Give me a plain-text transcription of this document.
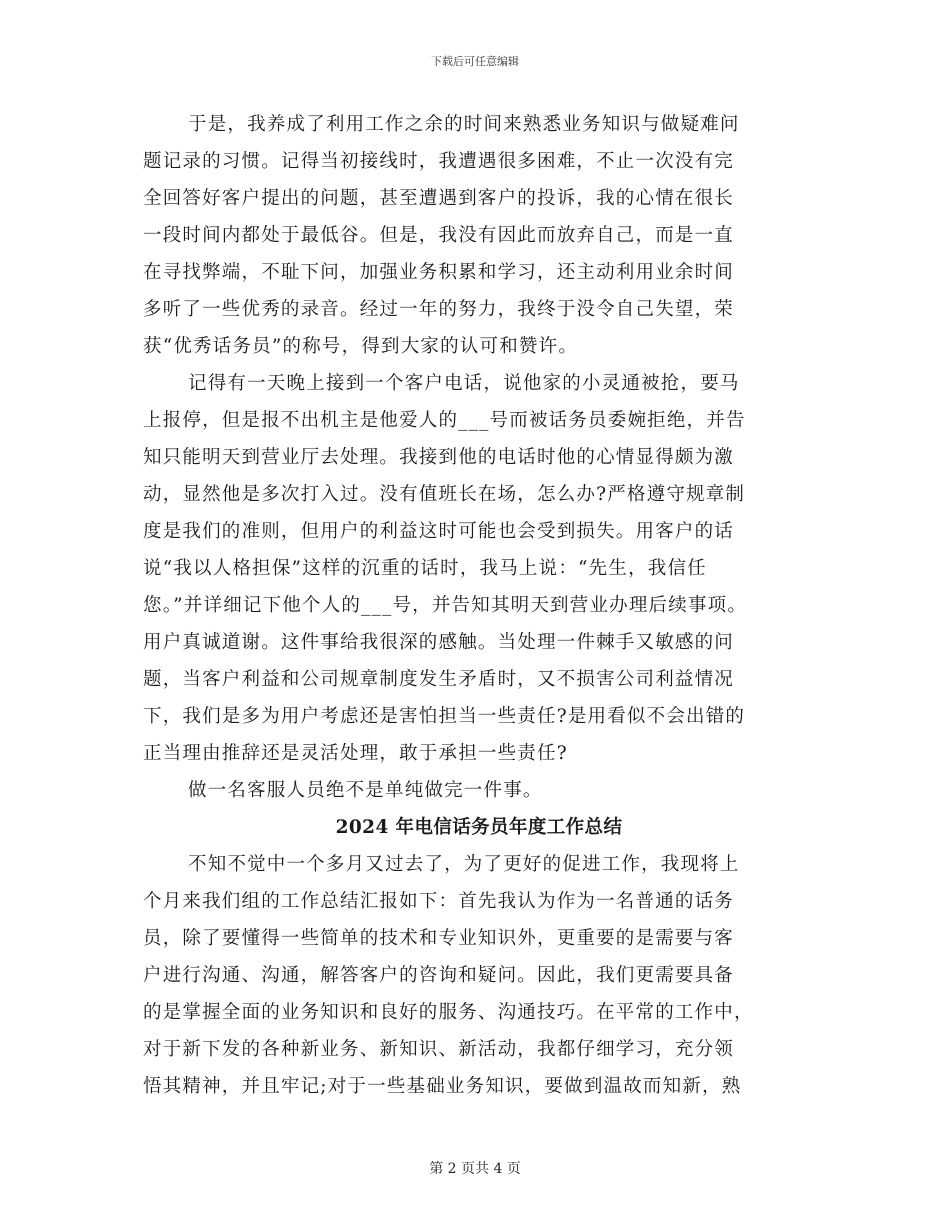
下载后可任意编辑
于是，我养成了利用工作之余的时间来熟悉业务知识与做疑难问
题记录的习惯。记得当初接线时，我遭遇很多困难，不止一次没有完
全回答好客户提出的问题，甚至遭遇到客户的投诉，我的心情在很长
一段时间内都处于最低谷。但是，我没有因此而放弃自己，而是一直
在寻找弊端，不耻下问，加强业务积累和学习，还主动利用业余时间
多听了一些优秀的录音。经过一年的努力，我终于没令自己失望，荣
获“优秀话务员”的称号，得到大家的认可和赞许。
记得有一天晚上接到一个客户电话，说他家的小灵通被抢，要马
上报停，但是报不出机主是他爱人的___号而被话务员委婉拒绝，并告
知只能明天到营业厅去处理。我接到他的电话时他的心情显得颇为激
动，显然他是多次打入过。没有值班长在场，怎么办?严格遵守规章制
度是我们的准则，但用户的利益这时可能也会受到损失。用客户的话
说“我以人格担保”这样的沉重的话时，我马上说：“先生，我信任
您。”并详细记下他个人的___号，并告知其明天到营业办理后续事项。
用户真诚道谢。这件事给我很深的感触。当处理一件棘手又敏感的问
题，当客户利益和公司规章制度发生矛盾时，又不损害公司利益情况
下，我们是多为用户考虑还是害怕担当一些责任?是用看似不会出错的
正当理由推辞还是灵活处理，敢于承担一些责任?
做一名客服人员绝不是单纯做完一件事。
2024 年电信话务员年度工作总结
不知不觉中一个多月又过去了，为了更好的促进工作，我现将上
个月来我们组的工作总结汇报如下：首先我认为作为一名普通的话务
员，除了要懂得一些简单的技术和专业知识外，更重要的是需要与客
户进行沟通、沟通，解答客户的咨询和疑问。因此，我们更需要具备
的是掌握全面的业务知识和良好的服务、沟通技巧。在平常的工作中，
对于新下发的各种新业务、新知识、新活动，我都仔细学习，充分领
悟其精神，并且牢记;对于一些基础业务知识，要做到温故而知新，熟
第 2 页共 4 页
